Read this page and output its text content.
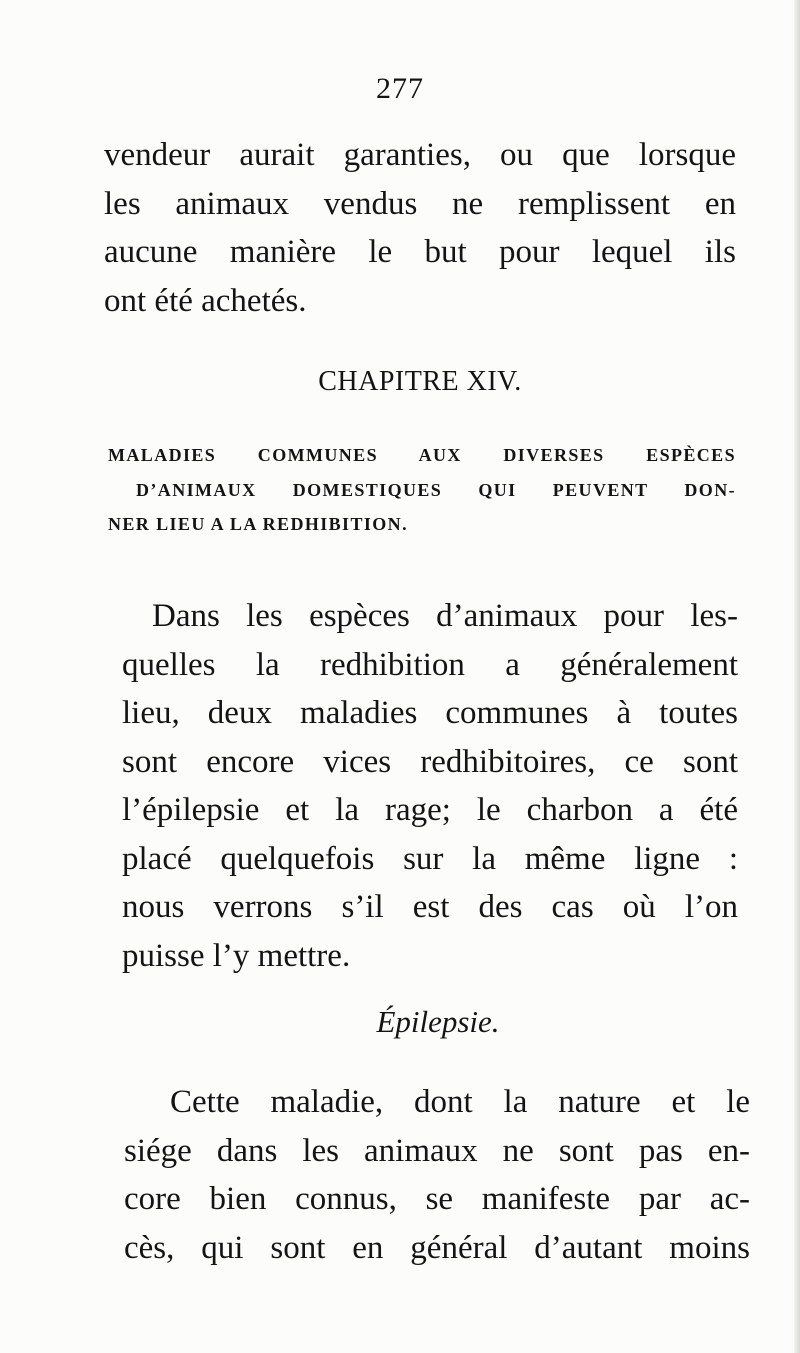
277
vendeur aurait garanties, ou que lorsque
les animaux vendus ne remplissent en
aucune manière le but pour lequel ils
ont été achetés.
CHAPITRE XIV.
MALADIES COMMUNES AUX DIVERSES ESPÈCES
D’ANIMAUX DOMESTIQUES QUI PEUVENT DON-
NER LIEU A LA REDHIBITION.
Dans les espèces d’animaux pour les-
quelles la redhibition a généralement
lieu, deux maladies communes à toutes
sont encore vices redhibitoires, ce sont
l’épilepsie et la rage; le charbon a été
placé quelquefois sur la même ligne :
nous verrons s’il est des cas où l’on
puisse l’y mettre.
Épilepsie.
Cette maladie, dont la nature et le
siége dans les animaux ne sont pas en-
core bien connus, se manifeste par ac-
cès, qui sont en général d’autant moins
